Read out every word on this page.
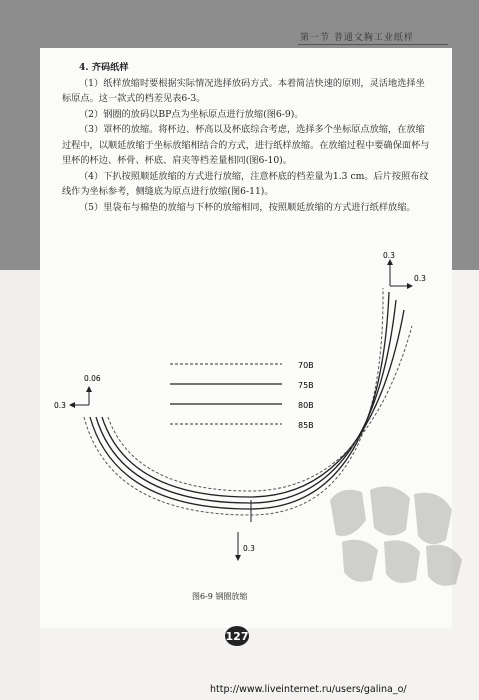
第一节 普通文胸工业纸样

4. 齐码纸样

（1）纸样放缩时要根据实际情况选择放码方式。本着简洁快速的原则，灵活地选择坐标原点。这一款式的档差见表6-3。

（2）钢圈的放码以BP点为坐标原点进行放缩(图6-9)。

（3）罩杯的放缩。将杯边、杯高以及杯底综合考虑，选择多个坐标原点放缩，在放缩过程中，以顺延放缩于坐标放缩相结合的方式，进行纸样放缩。在放缩过程中要确保面杯与里杯的杯边、杯骨、杯底、肩夹等档差量相同(图6-10)。

（4）下扒按照顺延放缩的方式进行放缩，注意杯底的档差量为1.3 cm。后片按照布纹线作为坐标参考，侧缝底为原点进行放缩(图6-11)。

（5）里袋布与棉垫的放缩与下杯的放缩相同，按照顺延放缩的方式进行纸样放缩。

70B
75B
80B
85B
0.3
0.3
0.06
0.3
0.3
图6-9 钢圈放缩
127
http://www.liveinternet.ru/users/galina_o/
